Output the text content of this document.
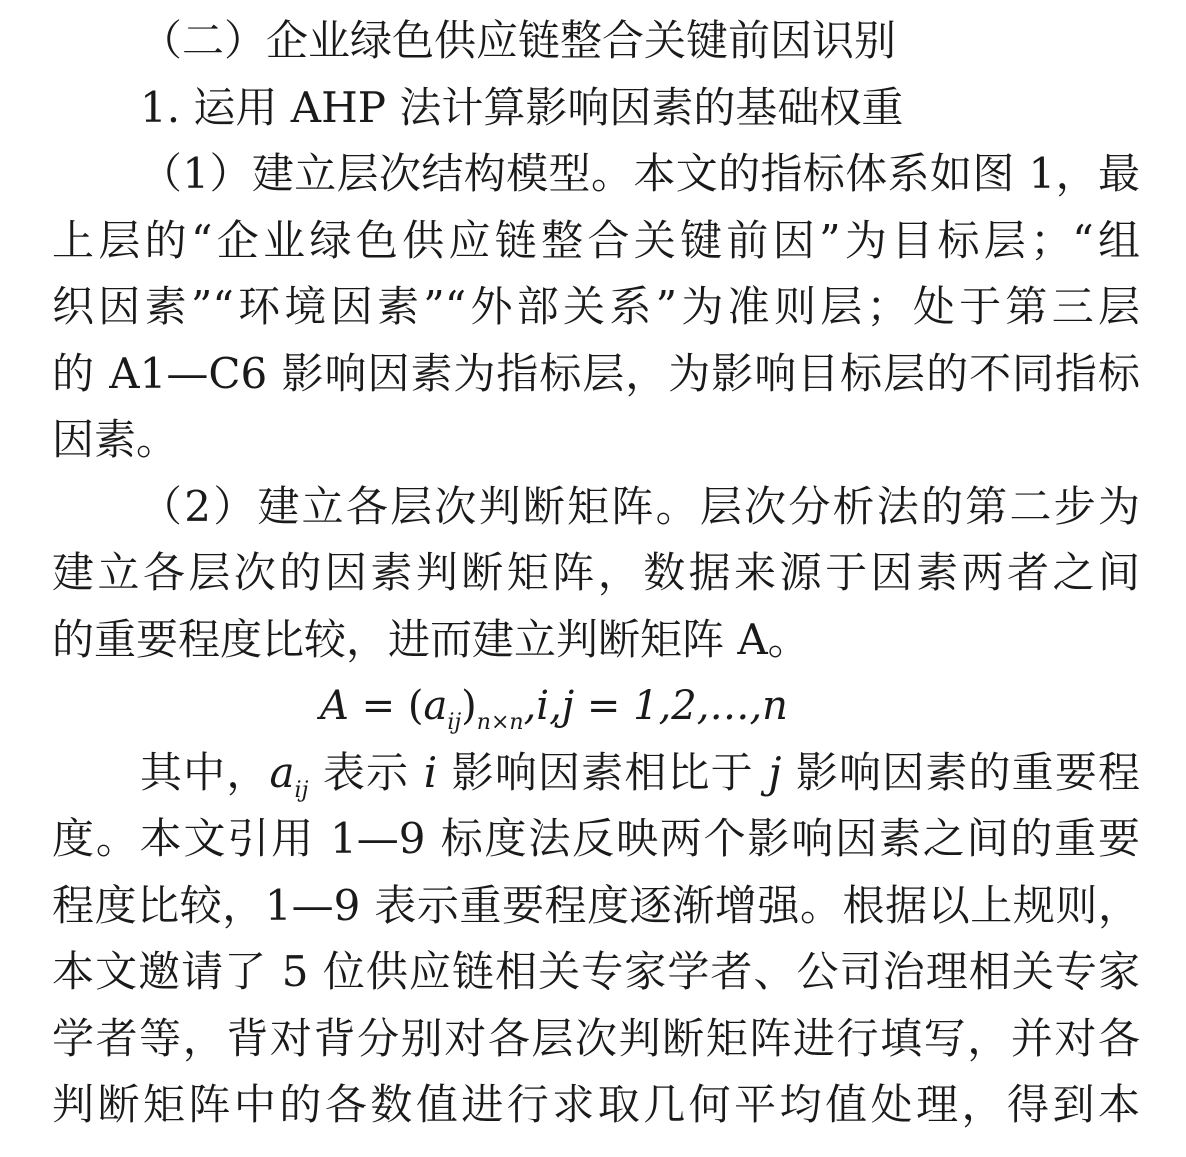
（二）企业绿色供应链整合关键前因识别
1. 运用 AHP 法计算影响因素的基础权重
（1）建立层次结构模型。本文的指标体系如图 1，最
上层的“企业绿色供应链整合关键前因”为目标层；“组
织因素”“环境因素”“外部关系”为准则层；处于第三层
的 A1—C6 影响因素为指标层，为影响目标层的不同指标
因素。
（2）建立各层次判断矩阵。层次分析法的第二步为
建立各层次的因素判断矩阵，数据来源于因素两者之间
的重要程度比较，进而建立判断矩阵 A。
$A = (a_{ij})_{n\times n},i,j$ = 1,2,…,n
其中，$a_{ij}$ 表示 i 影响因素相比于 j 影响因素的重要程
度。本文引用 1—9 标度法反映两个影响因素之间的重要
程度比较，1—9 表示重要程度逐渐增强。根据以上规则，
本文邀请了 5 位供应链相关专家学者、公司治理相关专家
学者等，背对背分别对各层次判断矩阵进行填写，并对各
判断矩阵中的各数值进行求取几何平均值处理，得到本
